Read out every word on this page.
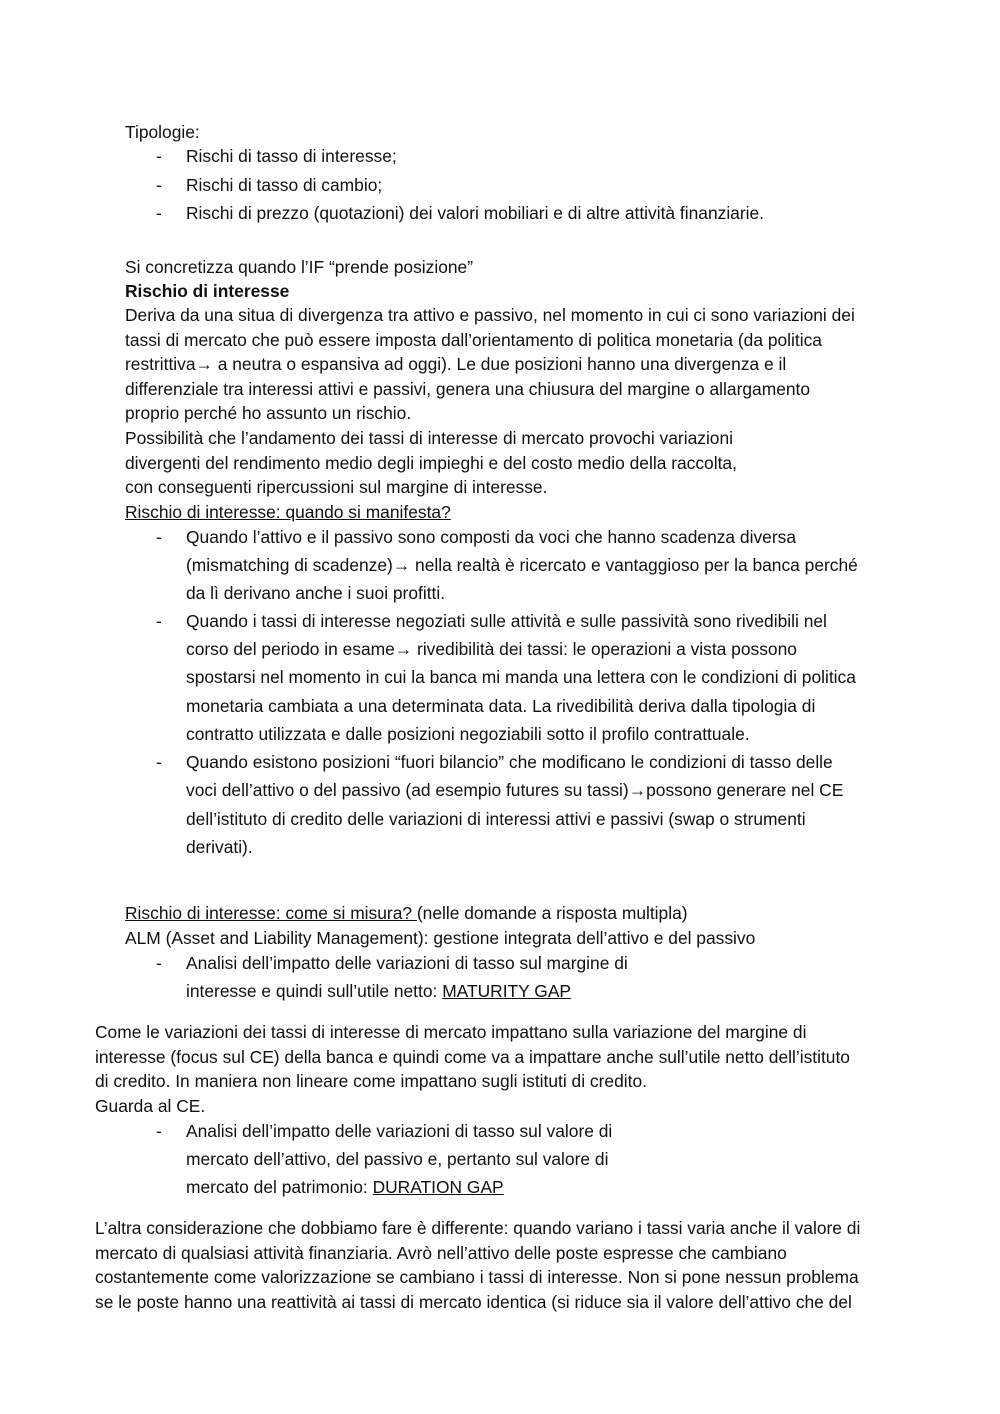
Tipologie:
- Rischi di tasso di interesse;
- Rischi di tasso di cambio;
- Rischi di prezzo (quotazioni) dei valori mobiliari e di altre attività finanziarie.
Si concretizza quando l’IF “prende posizione”
Rischio di interesse
Deriva da una situa di divergenza tra attivo e passivo, nel momento in cui ci sono variazioni dei
tassi di mercato che può essere imposta dall’orientamento di politica monetaria (da politica
restrittiva→ a neutra o espansiva ad oggi). Le due posizioni hanno una divergenza e il
differenziale tra interessi attivi e passivi, genera una chiusura del margine o allargamento
proprio perché ho assunto un rischio.
Possibilità che l’andamento dei tassi di interesse di mercato provochi variazioni
divergenti del rendimento medio degli impieghi e del costo medio della raccolta,
con conseguenti ripercussioni sul margine di interesse.
Rischio di interesse: quando si manifesta?
- Quando l’attivo e il passivo sono composti da voci che hanno scadenza diversa
(mismatching di scadenze)→ nella realtà è ricercato e vantaggioso per la banca perché
da lì derivano anche i suoi profitti.
- Quando i tassi di interesse negoziati sulle attività e sulle passività sono rivedibili nel
corso del periodo in esame→ rivedibilità dei tassi: le operazioni a vista possono
spostarsi nel momento in cui la banca mi manda una lettera con le condizioni di politica
monetaria cambiata a una determinata data. La rivedibilità deriva dalla tipologia di
contratto utilizzata e dalle posizioni negoziabili sotto il profilo contrattuale.
- Quando esistono posizioni “fuori bilancio” che modificano le condizioni di tasso delle
voci dell’attivo o del passivo (ad esempio futures su tassi)→possono generare nel CE
dell’istituto di credito delle variazioni di interessi attivi e passivi (swap o strumenti
derivati).
Rischio di interesse: come si misura? (nelle domande a risposta multipla)
ALM (Asset and Liability Management): gestione integrata dell’attivo e del passivo
- Analisi dell’impatto delle variazioni di tasso sul margine di
interesse e quindi sull’utile netto: MATURITY GAP
Come le variazioni dei tassi di interesse di mercato impattano sulla variazione del margine di
interesse (focus sul CE) della banca e quindi come va a impattare anche sull’utile netto dell’istituto
di credito. In maniera non lineare come impattano sugli istituti di credito.
Guarda al CE.
- Analisi dell’impatto delle variazioni di tasso sul valore di
mercato dell’attivo, del passivo e, pertanto sul valore di
mercato del patrimonio: DURATION GAP
L’altra considerazione che dobbiamo fare è differente: quando variano i tassi varia anche il valore di
mercato di qualsiasi attività finanziaria. Avrò nell’attivo delle poste espresse che cambiano
costantemente come valorizzazione se cambiano i tassi di interesse. Non si pone nessun problema
se le poste hanno una reattività ai tassi di mercato identica (si riduce sia il valore dell’attivo che del
